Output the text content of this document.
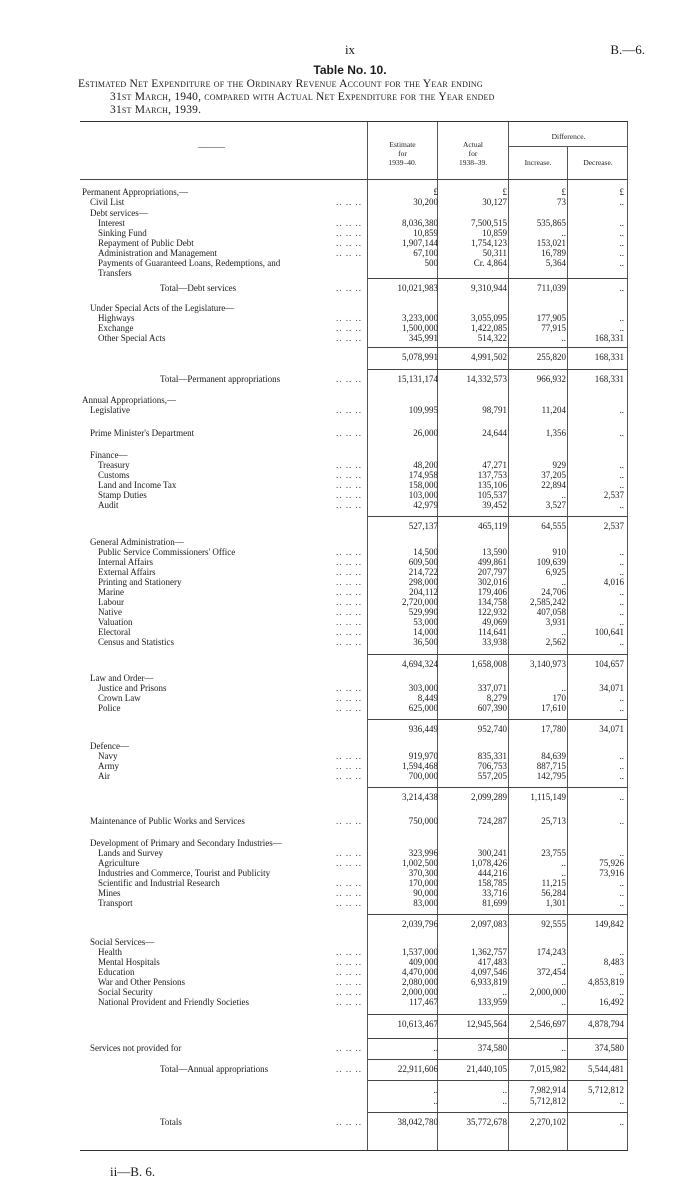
ix	B.—6.
Table No. 10.
Estimated Net Expenditure of the Ordinary Revenue Account for the Year ending
31st March, 1940, compared with Actual Net Expenditure for the Year ended
31st March, 1939.
———	Estimate
for
1939–40.
Actual
for
1938–39.
Difference.
Increase.	Decrease.
Permanent Appropriations,—	£	£	£	£
Civil List	.. .. ..	30,200	30,127	73	..
Debt services—
Interest	.. .. ..	8,036,380	7,500,515	535,865	..
Sinking Fund	.. .. ..	10,859	10,859	..	..
Repayment of Public Debt	.. .. ..	1,907,144	1,754,123	153,021	..
Administration and Management	.. .. ..	67,100	50,311	16,789	..
Payments of Guaranteed Loans, Redemptions, and	500	Cr. 4,864	5,364	..
Transfers
Total—Debt services	.. .. ..	10,021,983	9,310,944	711,039	..
Under Special Acts of the Legislature—
Highways	.. .. ..	3,233,000	3,055,095	177,905	..
Exchange	.. .. ..	1,500,000	1,422,085	77,915	..
Other Special Acts	.. .. ..	345,991	514,322	..	168,331
5,078,991	4,991,502	255,820	168,331
Total—Permanent appropriations	.. .. ..	15,131,174	14,332,573	966,932	168,331
Annual Appropriations,—
Legislative	.. .. ..	109,995	98,791	11,204	..
Prime Minister's Department	.. .. ..	26,000	24,644	1,356	..
Finance—
Treasury	.. .. ..	48,200	47,271	929	..
Customs	.. .. ..	174,958	137,753	37,205	..
Land and Income Tax	.. .. ..	158,000	135,106	22,894	..
Stamp Duties	.. .. ..	103,000	105,537	..	2,537
Audit	.. .. ..	42,979	39,452	3,527	..
527,137	465,119	64,555	2,537
General Administration—
Public Service Commissioners' Office	.. .. ..	14,500	13,590	910	..
Internal Affairs	.. .. ..	609,500	499,861	109,639	..
External Affairs	.. .. ..	214,722	207,797	6,925	..
Printing and Stationery	.. .. ..	298,000	302,016	..	4,016
Marine	.. .. ..	204,112	179,406	24,706	..
Labour	.. .. ..	2,720,000	134,758	2,585,242	..
Native	.. .. ..	529,990	122,932	407,058	..
Valuation	.. .. ..	53,000	49,069	3,931	..
Electoral	.. .. ..	14,000	114,641	..	100,641
Census and Statistics	.. .. ..	36,500	33,938	2,562	..
4,694,324	1,658,008	3,140,973	104,657
Law and Order—
Justice and Prisons	.. .. ..	303,000	337,071	..	34,071
Crown Law	.. .. ..	8,449	8,279	170	..
Police	.. .. ..	625,000	607,390	17,610	..
936,449	952,740	17,780	34,071
Defence—
Navy	.. .. ..	919,970	835,331	84,639	..
Army	.. .. ..	1,594,468	706,753	887,715	..
Air	.. .. ..	700,000	557,205	142,795	..
3,214,438	2,099,289	1,115,149	..
Maintenance of Public Works and Services	.. .. ..	750,000	724,287	25,713	..
Development of Primary and Secondary Industries—
Lands and Survey	.. .. ..	323,996	300,241	23,755	..
Agriculture	.. .. ..	1,002,500	1,078,426	..	75,926
Industries and Commerce, Tourist and Publicity	370,300	444,216	..	73,916
Scientific and Industrial Research	.. .. ..	170,000	158,785	11,215	..
Mines	.. .. ..	90,000	33,716	56,284	..
Transport	.. .. ..	83,000	81,699	1,301	..
2,039,796	2,097,083	92,555	149,842
Social Services—
Health	.. .. ..	1,537,000	1,362,757	174,243	..
Mental Hospitals	.. .. ..	409,000	417,483	..	8,483
Education	.. .. ..	4,470,000	4,097,546	372,454	..
War and Other Pensions	.. .. ..	2,080,000	6,933,819	..	4,853,819
Social Security	.. .. ..	2,000,000	..	2,000,000	..
National Provident and Friendly Societies	.. .. ..	117,467	133,959	..	16,492
10,613,467	12,945,564	2,546,697	4,878,794
Services not provided for	.. .. ..	..	374,580	..	374,580
Total—Annual appropriations	.. .. ..	22,911,606	21,440,105	7,015,982	5,544,481
..	..	7,982,914	5,712,812
..	..	5,712,812	..
Totals	.. .. ..	38,042,780	35,772,678	2,270,102	..
ii—B. 6.
